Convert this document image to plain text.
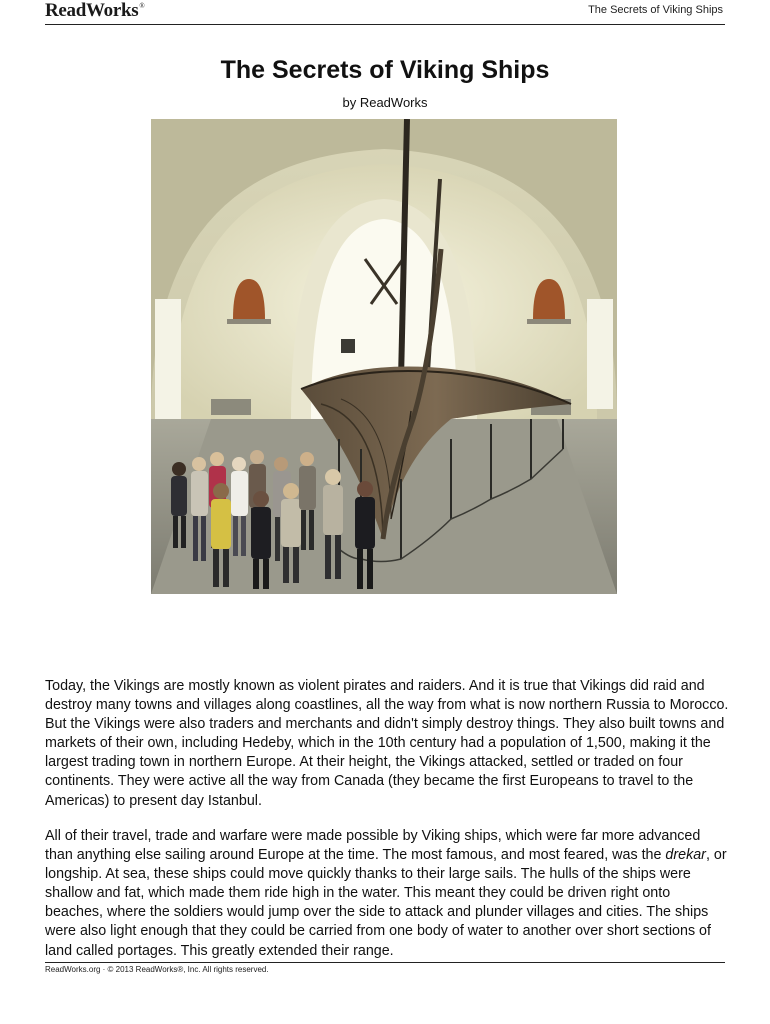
ReadWorks®	The Secrets of Viking Ships
The Secrets of Viking Ships
by ReadWorks

Today, the Vikings are mostly known as violent pirates and raiders. And it is true that Vikings did raid and destroy many towns and villages along coastlines, all the way from what is now northern Russia to Morocco. But the Vikings were also traders and merchants and didn't simply destroy things. They also built towns and markets of their own, including Hedeby, which in the 10th century had a population of 1,500, making it the largest trading town in northern Europe. At their height, the Vikings attacked, settled or traded on four continents. They were active all the way from Canada (they became the first Europeans to travel to the Americas) to present day Istanbul.

All of their travel, trade and warfare were made possible by Viking ships, which were far more advanced than anything else sailing around Europe at the time. The most famous, and most feared, was the drekar, or longship. At sea, these ships could move quickly thanks to their large sails. The hulls of the ships were shallow and fat, which made them ride high in the water. This meant they could be driven right onto beaches, where the soldiers would jump over the side to attack and plunder villages and cities. The ships were also light enough that they could be carried from one body of water to another over short sections of land called portages. This greatly extended their range.

ReadWorks.org · © 2013 ReadWorks®, Inc. All rights reserved.
